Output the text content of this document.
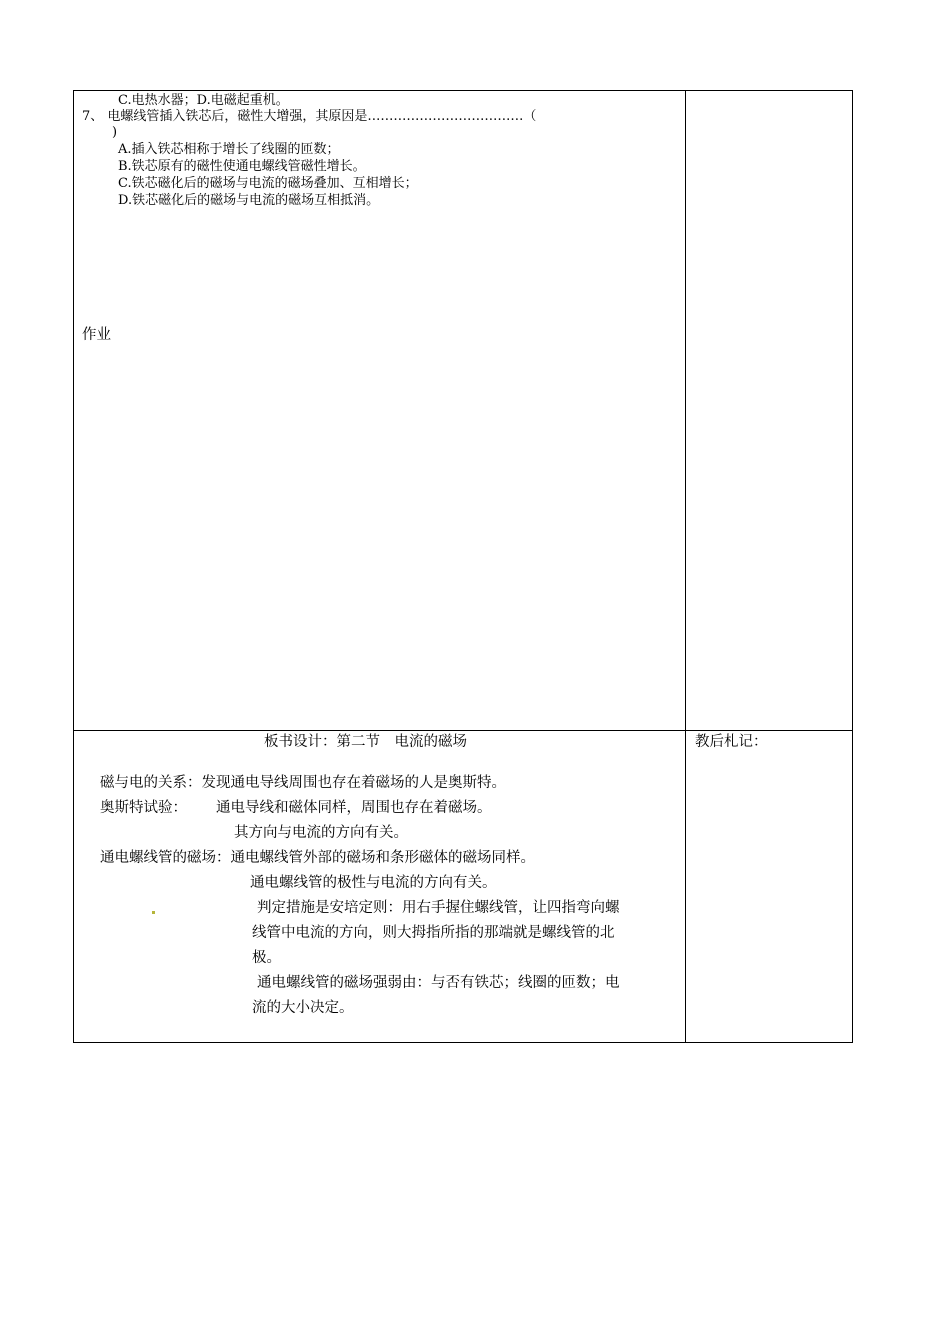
C.电热水器；D.电磁起重机。
7、 电螺线管插入铁芯后，磁性大增强，其原因是………………………………（
)
A.插入铁芯相称于增长了线圈的匝数；
B.铁芯原有的磁性使通电螺线管磁性增长。
C.铁芯磁化后的磁场与电流的磁场叠加、互相增长；
D.铁芯磁化后的磁场与电流的磁场互相抵消。
作业
板书设计：第二节　电流的磁场
磁与电的关系：发现通电导线周围也存在着磁场的人是奥斯特。
奥斯特试验： 通电导线和磁体同样，周围也存在着磁场。
其方向与电流的方向有关。
通电螺线管的磁场：通电螺线管外部的磁场和条形磁体的磁场同样。
通电螺线管的极性与电流的方向有关。
判定措施是安培定则：用右手握住螺线管，让四指弯向螺
线管中电流的方向，则大拇指所指的那端就是螺线管的北
极。
通电螺线管的磁场强弱由：与否有铁芯；线圈的匝数；电
流的大小决定。
教后札记：
